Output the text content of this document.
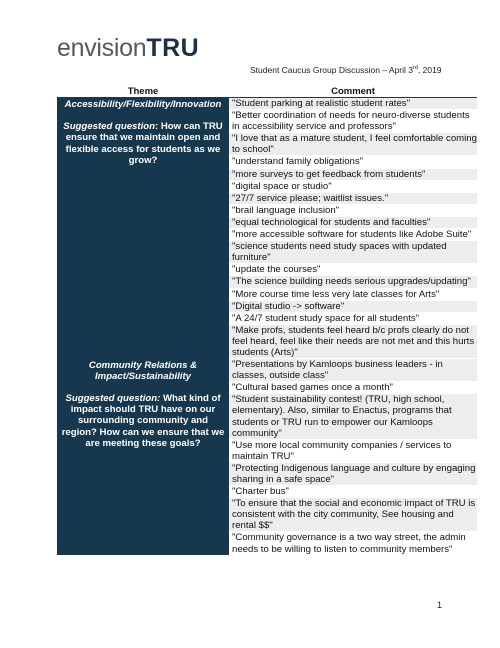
envisionTRU
Student Caucus Group Discussion – April 3rd, 2019
Theme	Comment

Accessibility/Flexibility/Innovation
Suggested question: How can TRU ensure that we maintain open and flexible access for students as we grow?	"Student parking at realistic student rates"
	"Better coordination of needs for neuro-diverse students in accessibility service and professors"
	"I love that as a mature student, I feel comfortable coming to school"
	"understand family obligations"
	"more surveys to get feedback from students"
	"digital space or studio"
	"27/7 service please; waitlist issues."
	"brail language inclusion"
	"equal technological for students and faculties"
	"more accessible software for students like Adobe Suite"
	"science students need study spaces with updated furniture"
	"update the courses"
	"The science building needs serious upgrades/updating"
	"More course time less very late classes for Arts"
	"Digital studio -> software"
	"A 24/7 student study space for all students"
	"Make profs, students feel heard b/c profs clearly do not feel heard, feel like their needs are not met and this hurts students (Arts)"

Community Relations & Impact/Sustainability
Suggested question: What kind of impact should TRU have on our surrounding community and region? How can we ensure that we are meeting these goals?	"Presentations by Kamloops business leaders - in classes, outside class"
	"Cultural based games once a month"
	"Student sustainability contest! (TRU, high school, elementary). Also, similar to Enactus, programs that students or TRU run to empower our Kamloops community"
	"Use more local community companies / services to maintain TRU"
	"Protecting Indigenous language and culture by engaging sharing in a safe space"
	"Charter bus"
	"To ensure that the social and economic impact of TRU is consistent with the city community, See housing and rental $$"
	"Community governance is a two way street, the admin needs to be willing to listen to community members"
1
